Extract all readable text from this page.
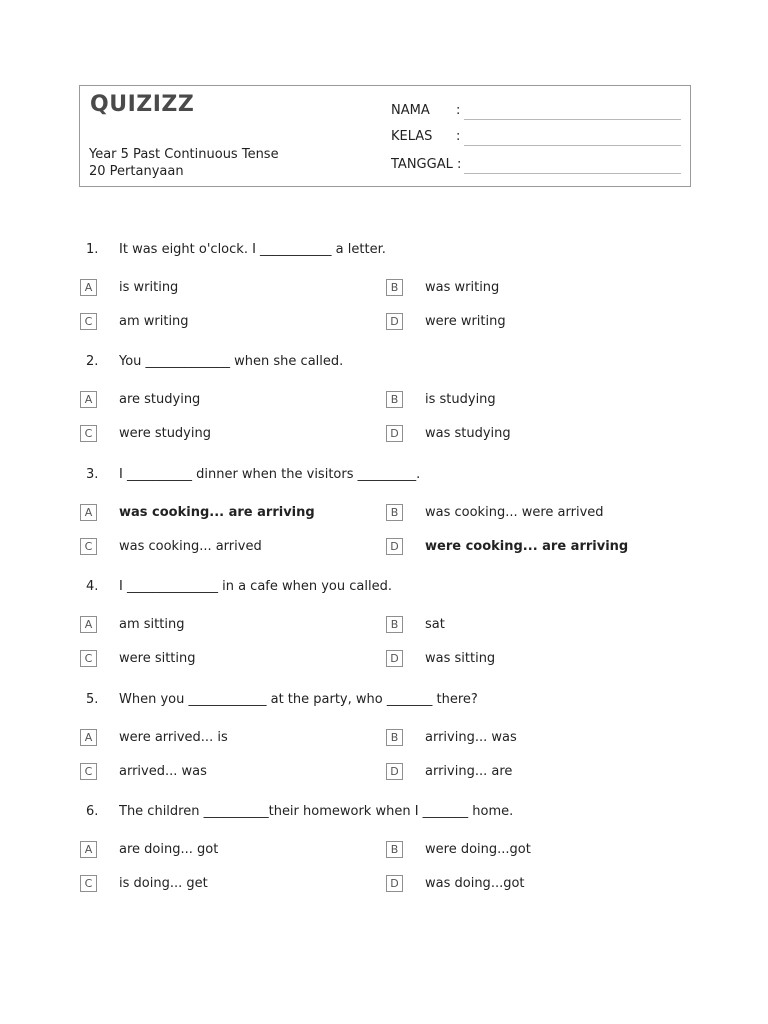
QUIZIZZ
Year 5 Past Continuous Tense
20 Pertanyaan
NAMA :
KELAS :
TANGGAL :
1.	It was eight o'clock. I ___________ a letter.
A	is writing	B	was writing
C	am writing	D	were writing
2.	You _____________ when she called.
A	are studying	B	is studying
C	were studying	D	was studying
3.	I __________ dinner when the visitors _________.
A	was cooking... are arriving	B	was cooking... were arrived
C	was cooking... arrived	D	were cooking... are arriving
4.	I ______________ in a cafe when you called.
A	am sitting	B	sat
C	were sitting	D	was sitting
5.	When you ____________ at the party, who _______ there?
A	were arrived... is	B	arriving... was
C	arrived... was	D	arriving... are
6.	The children __________their homework when I _______ home.
A	are doing... got	B	were doing...got
C	is doing... get	D	was doing...got
